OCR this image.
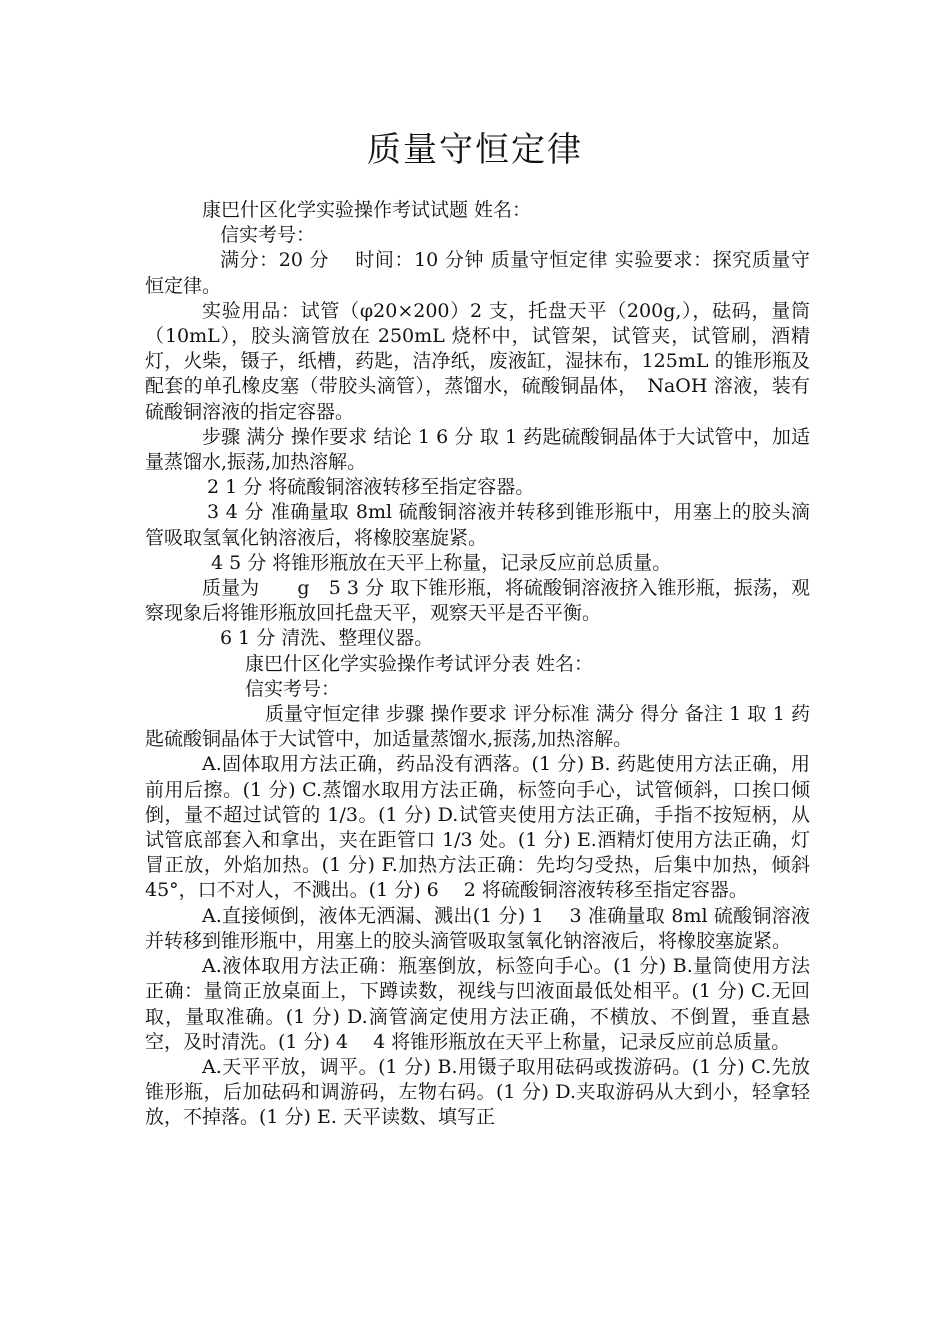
质量守恒定律

康巴什区化学实验操作考试试题 姓名：

信实考号：

满分：20 分　 时间：10 分钟 质量守恒定律 实验要求：探究质量守恒定律。

实验用品：试管（φ20×200）2 支，托盘天平（200g,），砝码，量筒（10mL），胶头滴管放在 250mL 烧杯中，试管架，试管夹，试管刷，酒精灯，火柴，镊子，纸槽，药匙，洁净纸，废液缸，湿抹布，125mL 的锥形瓶及配套的单孔橡皮塞（带胶头滴管），蒸馏水，硫酸铜晶体，　NaOH 溶液，装有硫酸铜溶液的指定容器。

步骤 满分 操作要求 结论 1 6 分 取 1 药匙硫酸铜晶体于大试管中，加适量蒸馏水,振荡,加热溶解。

2 1 分 将硫酸铜溶液转移至指定容器。

3 4 分 准确量取 8ml 硫酸铜溶液并转移到锥形瓶中，用塞上的胶头滴管吸取氢氧化钠溶液后，将橡胶塞旋紧。

4 5 分 将锥形瓶放在天平上称量，记录反应前总质量。

质量为　　g　5 3 分 取下锥形瓶，将硫酸铜溶液挤入锥形瓶，振荡，观察现象后将锥形瓶放回托盘天平，观察天平是否平衡。

6 1 分 清洗、整理仪器。

康巴什区化学实验操作考试评分表 姓名：

信实考号：

质量守恒定律 步骤 操作要求 评分标准 满分 得分 备注 1 取 1 药匙硫酸铜晶体于大试管中，加适量蒸馏水,振荡,加热溶解。

A.固体取用方法正确，药品没有洒落。(1 分) B. 药匙使用方法正确，用前用后擦。(1 分) C.蒸馏水取用方法正确，标签向手心，试管倾斜，口挨口倾倒，量不超过试管的 1/3。(1 分) D.试管夹使用方法正确，手指不按短柄，从试管底部套入和拿出，夹在距管口 1/3 处。(1 分) E.酒精灯使用方法正确，灯冒正放，外焰加热。(1 分) F.加热方法正确：先均匀受热，后集中加热，倾斜 45°，口不对人，不溅出。(1 分) 6　 2 将硫酸铜溶液转移至指定容器。

A.直接倾倒，液体无洒漏、溅出(1 分) 1　 3 准确量取 8ml 硫酸铜溶液并转移到锥形瓶中，用塞上的胶头滴管吸取氢氧化钠溶液后，将橡胶塞旋紧。

A.液体取用方法正确：瓶塞倒放，标签向手心。(1 分) B.量筒使用方法正确：量筒正放桌面上，下蹲读数，视线与凹液面最低处相平。(1 分) C.无回取，量取准确。(1 分) D.滴管滴定使用方法正确，不横放、不倒置，垂直悬空，及时清洗。(1 分) 4　 4 将锥形瓶放在天平上称量，记录反应前总质量。

A.天平平放，调平。(1 分) B.用镊子取用砝码或拨游码。(1 分) C.先放锥形瓶，后加砝码和调游码，左物右码。(1 分) D.夹取游码从大到小，轻拿轻放，不掉落。(1 分) E. 天平读数、填写正
